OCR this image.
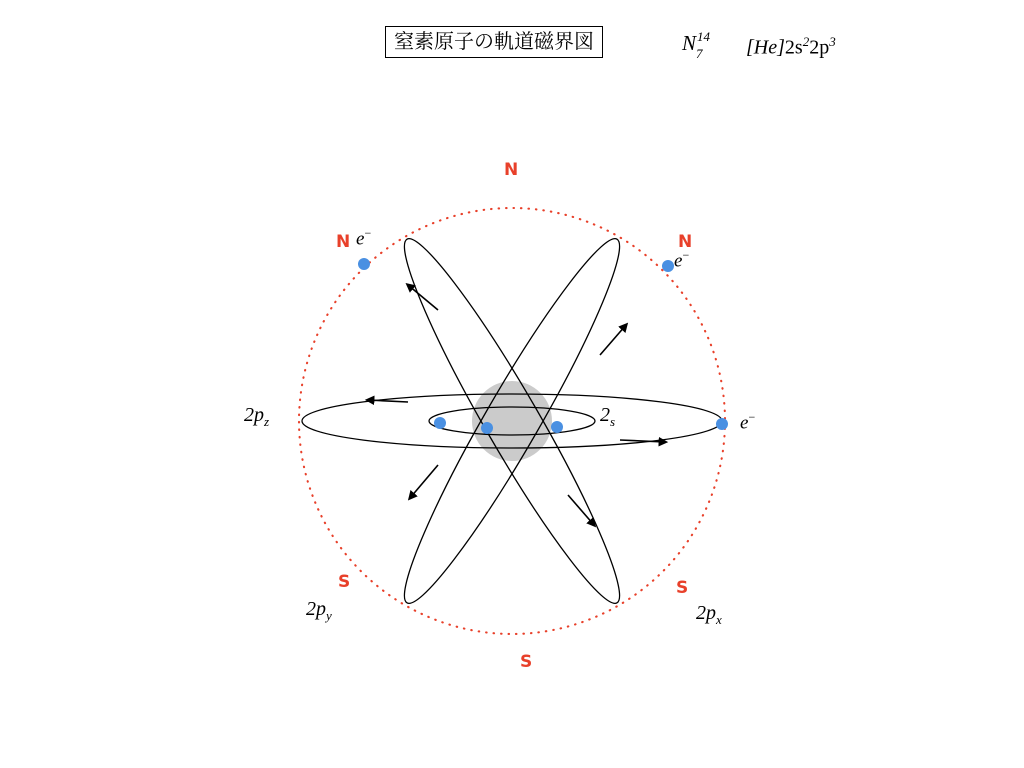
窒素原子の軌道磁界図	$N^{14}_7$	$[He]2s^22p^3$
N
S
N	N
S	S
e−
e−
e−
$2p_z$	$2_s$
$2p_y$	$2p_x$
